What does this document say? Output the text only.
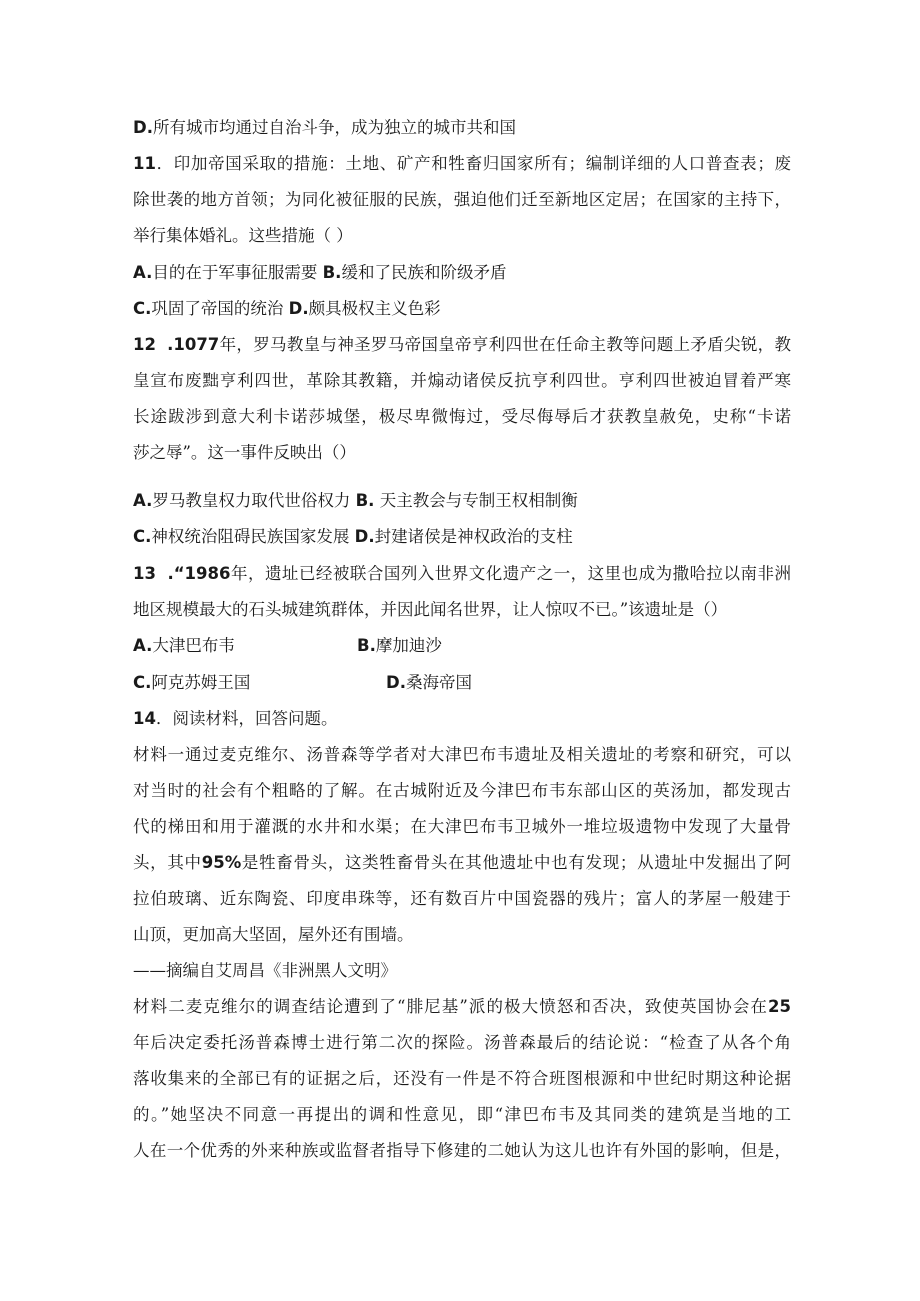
D.所有城市均通过自治斗争，成为独立的城市共和国
11．印加帝国采取的措施：土地、矿产和牲畜归国家所有；编制详细的人口普查表；废
除世袭的地方首领；为同化被征服的民族，强迫他们迁至新地区定居；在国家的主持下，
举行集体婚礼。这些措施（ ）
A.目的在于军事征服需要 B.缓和了民族和阶级矛盾
C.巩固了帝国的统治 D.颇具极权主义色彩
12 .1077年，罗马教皇与神圣罗马帝国皇帝亨利四世在任命主教等问题上矛盾尖锐，教
皇宣布废黜亨利四世，革除其教籍，并煽动诸侯反抗亨利四世。亨利四世被迫冒着严寒
长途跋涉到意大利卡诺莎城堡，极尽卑微悔过，受尽侮辱后才获教皇赦免，史称“卡诺
莎之辱”。这一事件反映出（）
A.罗马教皇权力取代世俗权力 B. 天主教会与专制王权相制衡
C.神权统治阻碍民族国家发展 D.封建诸侯是神权政治的支柱
13 .“1986年，遗址已经被联合国列入世界文化遗产之一，这里也成为撒哈拉以南非洲
地区规模最大的石头城建筑群体，并因此闻名世界，让人惊叹不已。”该遗址是（）
A.大津巴布韦	B.摩加迪沙
C.阿克苏姆王国	D.桑海帝国
14．阅读材料，回答问题。
材料一通过麦克维尔、汤普森等学者对大津巴布韦遗址及相关遗址的考察和研究，可以
对当时的社会有个粗略的了解。在古城附近及今津巴布韦东部山区的英汤加，都发现古
代的梯田和用于灌溉的水井和水渠；在大津巴布韦卫城外一堆垃圾遗物中发现了大量骨
头，其中95%是牲畜骨头，这类牲畜骨头在其他遗址中也有发现；从遗址中发掘出了阿
拉伯玻璃、近东陶瓷、印度串珠等，还有数百片中国瓷器的残片；富人的茅屋一般建于
山顶，更加高大坚固，屋外还有围墙。
——摘编自艾周昌《非洲黑人文明》
材料二麦克维尔的调查结论遭到了“腓尼基”派的极大愤怒和否决，致使英国协会在25
年后决定委托汤普森博士进行第二次的探险。汤普森最后的结论说：“检查了从各个角
落收集来的全部已有的证据之后，还没有一件是不符合班图根源和中世纪时期这种论据
的。”她坚决不同意一再提出的调和性意见，即“津巴布韦及其同类的建筑是当地的工
人在一个优秀的外来种族或监督者指导下修建的二她认为这儿也许有外国的影响，但是，
